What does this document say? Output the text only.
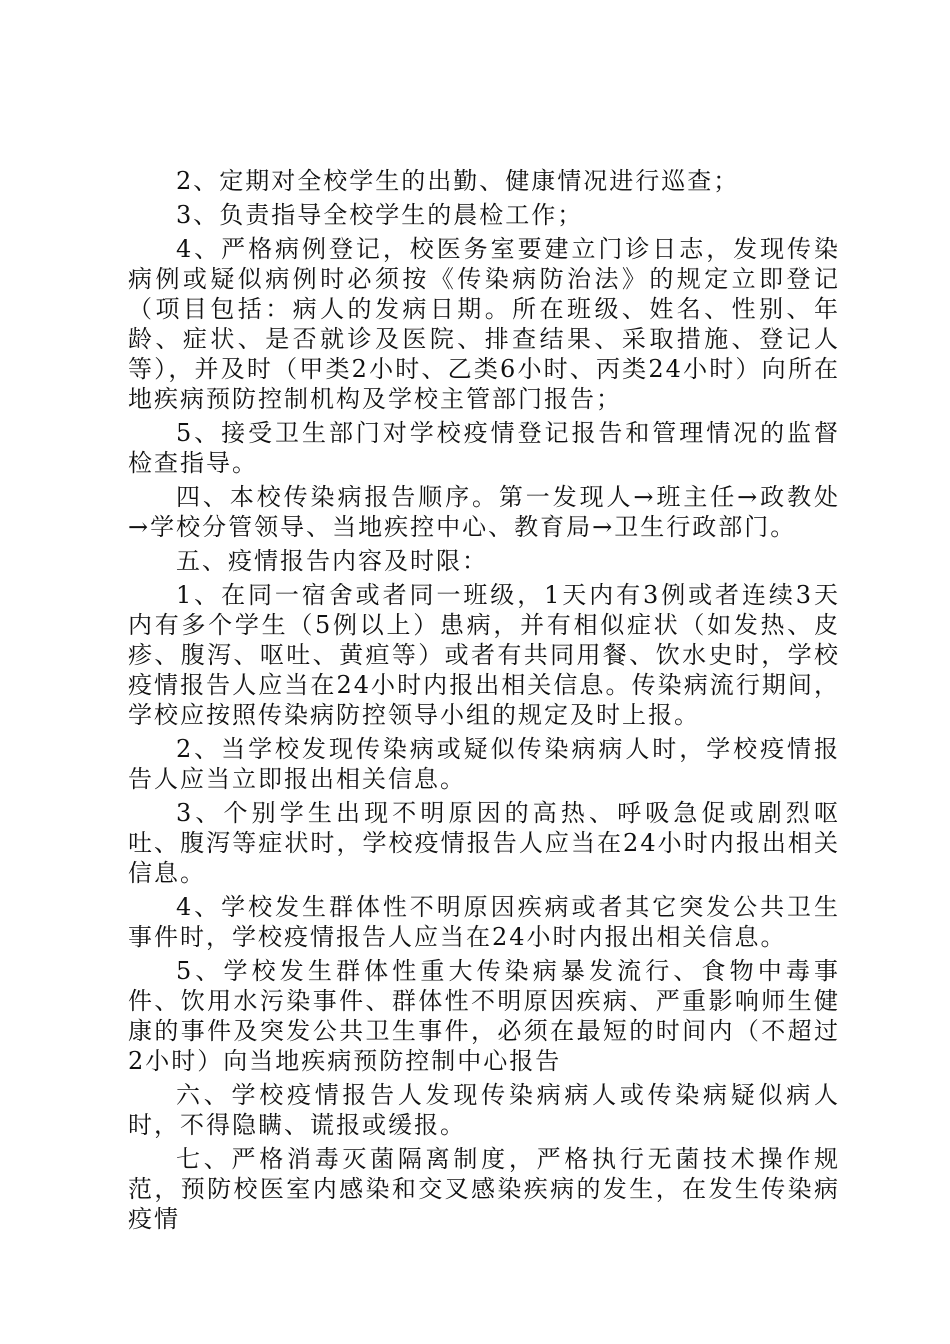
2、定期对全校学生的出勤、健康情况进行巡查；

3、负责指导全校学生的晨检工作；

4、严格病例登记，校医务室要建立门诊日志，发现传染病例或疑似病例时必须按《传染病防治法》的规定立即登记（项目包括：病人的发病日期。所在班级、姓名、性别、年龄、症状、是否就诊及医院、排查结果、采取措施、登记人等），并及时（甲类2小时、乙类6小时、丙类24小时）向所在地疾病预防控制机构及学校主管部门报告；

5、接受卫生部门对学校疫情登记报告和管理情况的监督检查指导。

四、本校传染病报告顺序。第一发现人→班主任→政教处→学校分管领导、当地疾控中心、教育局→卫生行政部门。

五、疫情报告内容及时限：

1、在同一宿舍或者同一班级，1天内有3例或者连续3天内有多个学生（5例以上）患病，并有相似症状（如发热、皮疹、腹泻、呕吐、黄疸等）或者有共同用餐、饮水史时，学校疫情报告人应当在24小时内报出相关信息。传染病流行期间，学校应按照传染病防控领导小组的规定及时上报。

2、当学校发现传染病或疑似传染病病人时，学校疫情报告人应当立即报出相关信息。

3、个别学生出现不明原因的高热、呼吸急促或剧烈呕吐、腹泻等症状时，学校疫情报告人应当在24小时内报出相关信息。

4、学校发生群体性不明原因疾病或者其它突发公共卫生事件时，学校疫情报告人应当在24小时内报出相关信息。

5、学校发生群体性重大传染病暴发流行、食物中毒事件、饮用水污染事件、群体性不明原因疾病、严重影响师生健康的事件及突发公共卫生事件，必须在最短的时间内（不超过2小时）向当地疾病预防控制中心报告

六、学校疫情报告人发现传染病病人或传染病疑似病人时，不得隐瞒、谎报或缓报。

七、严格消毒灭菌隔离制度，严格执行无菌技术操作规范，预防校医室内感染和交叉感染疾病的发生，在发生传染病疫情
